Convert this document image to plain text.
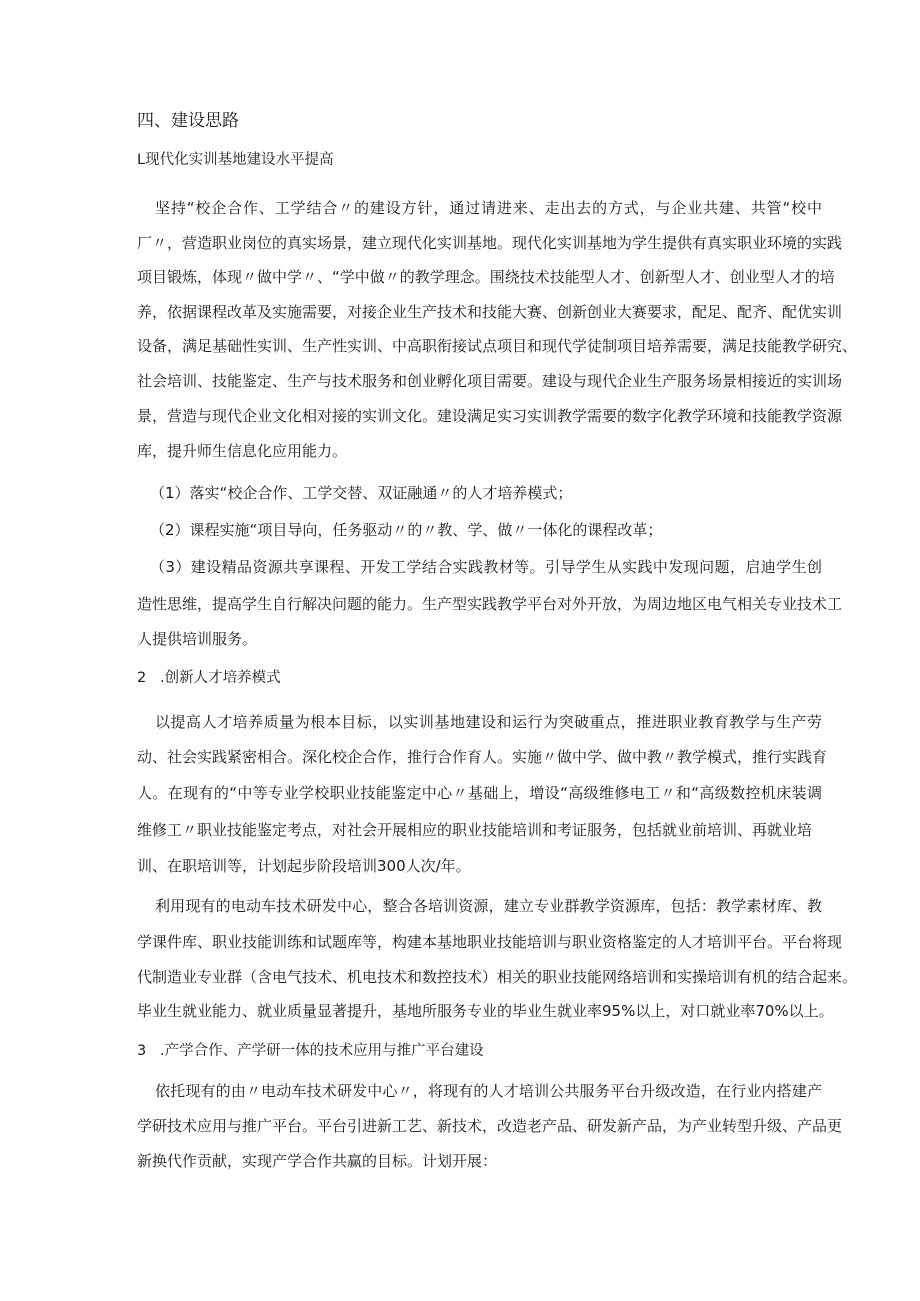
四、建设思路
L现代化实训基地建设水平提高
坚持“校企合作、工学结合〃的建设方针，通过请进来、走出去的方式，与企业共建、共管“校中
厂〃，营造职业岗位的真实场景，建立现代化实训基地。现代化实训基地为学生提供有真实职业环境的实践
项目锻炼，体现〃做中学〃、“学中做〃的教学理念。围绕技术技能型人才、创新型人才、创业型人才的培
养，依据课程改革及实施需要，对接企业生产技术和技能大赛、创新创业大赛要求，配足、配齐、配优实训
设备，满足基础性实训、生产性实训、中高职衔接试点项目和现代学徒制项目培养需要，满足技能教学研究、
社会培训、技能鉴定、生产与技术服务和创业孵化项目需要。建设与现代企业生产服务场景相接近的实训场
景，营造与现代企业文化相对接的实训文化。建设满足实习实训教学需要的数字化教学环境和技能教学资源
库，提升师生信息化应用能力。
（1）落实“校企合作、工学交替、双证融通〃的人才培养模式；
（2）课程实施“项目导向，任务驱动〃的〃教、学、做〃一体化的课程改革；
（3）建设精品资源共享课程、开发工学结合实践教材等。引导学生从实践中发现问题，启迪学生创
造性思维，提高学生自行解决问题的能力。生产型实践教学平台对外开放，为周边地区电气相关专业技术工
人提供培训服务。
2   .创新人才培养模式
以提高人才培养质量为根本目标，以实训基地建设和运行为突破重点，推进职业教育教学与生产劳
动、社会实践紧密相合。深化校企合作，推行合作育人。实施〃做中学、做中教〃教学模式，推行实践育
人。在现有的“中等专业学校职业技能鉴定中心〃基础上，增设“高级维修电工〃和“高级数控机床装调
维修工〃职业技能鉴定考点，对社会开展相应的职业技能培训和考证服务，包括就业前培训、再就业培
训、在职培训等，计划起步阶段培训300人次/年。
利用现有的电动车技术研发中心，整合各培训资源，建立专业群教学资源库，包括：教学素材库、教
学课件库、职业技能训练和试题库等，构建本基地职业技能培训与职业资格鉴定的人才培训平台。平台将现
代制造业专业群（含电气技术、机电技术和数控技术）相关的职业技能网络培训和实操培训有机的结合起来。
毕业生就业能力、就业质量显著提升，基地所服务专业的毕业生就业率95%以上，对口就业率70%以上。
3   .产学合作、产学研一体的技术应用与推广平台建设
依托现有的由〃电动车技术研发中心〃，将现有的人才培训公共服务平台升级改造，在行业内搭建产
学研技术应用与推广平台。平台引进新工艺、新技术，改造老产品、研发新产品，为产业转型升级、产品更
新换代作贡献，实现产学合作共赢的目标。计划开展：
